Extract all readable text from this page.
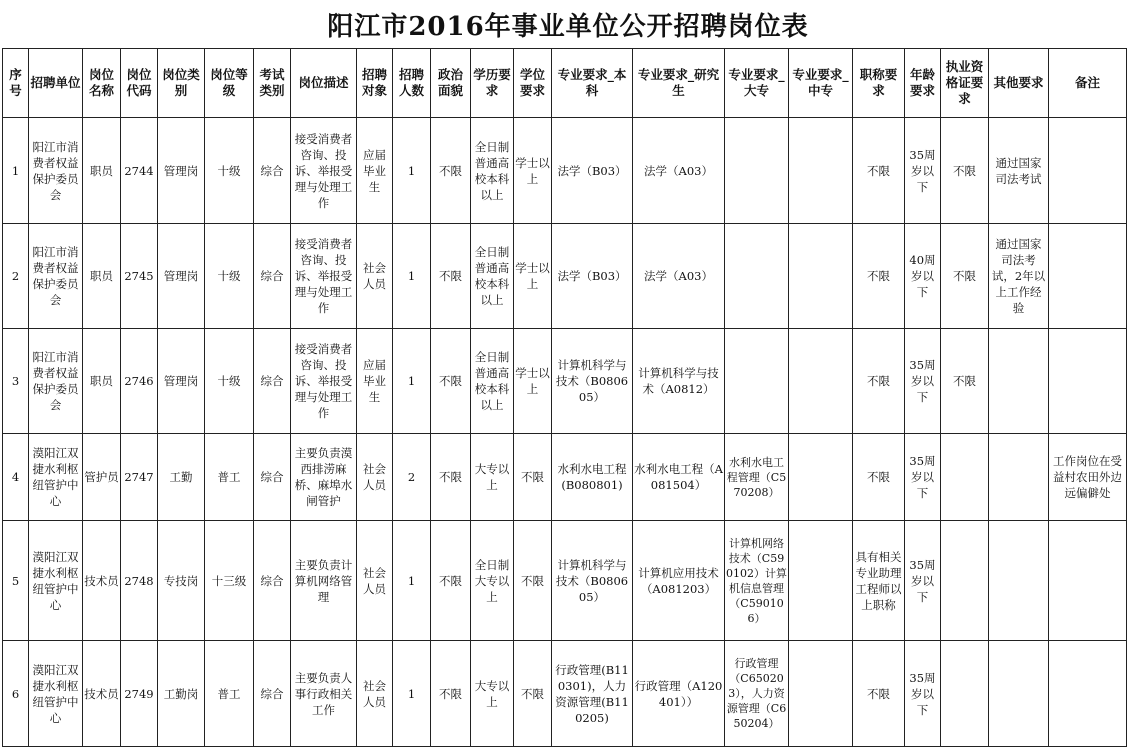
阳江市2016年事业单位公开招聘岗位表
序号	招聘单位	岗位名称	岗位代码	岗位类别	岗位等级	考试类别	岗位描述	招聘对象	招聘人数	政治面貌	学历要求	学位要求	专业要求_本科	专业要求_研究生	专业要求_大专	专业要求_中专	职称要求	年龄要求	执业资格证要求	其他要求	备注
1	阳江市消费者权益保护委员会	职员	2744	管理岗	十级	综合	接受消费者咨询、投诉、举报受理与处理工作	应届毕业生	1	不限	全日制普通高校本科以上	学士以上	法学（B03）	法学（A03）			不限	35周岁以下	不限	通过国家司法考试	
2	阳江市消费者权益保护委员会	职员	2745	管理岗	十级	综合	接受消费者咨询、投诉、举报受理与处理工作	社会人员	1	不限	全日制普通高校本科以上	学士以上	法学（B03）	法学（A03）			不限	40周岁以下	不限	通过国家司法考试，2年以上工作经验	
3	阳江市消费者权益保护委员会	职员	2746	管理岗	十级	综合	接受消费者咨询、投诉、举报受理与处理工作	应届毕业生	1	不限	全日制普通高校本科以上	学士以上	计算机科学与技术（B080605）	计算机科学与技术（A0812）			不限	35周岁以下	不限		
4	漠阳江双捷水利枢纽管护中心	管护员	2747	工勤	普工	综合	主要负责漠西排涝麻桥、麻埠水闸管护	社会人员	2	不限	大专以上	不限	水利水电工程(B080801)	水利水电工程（A081504）	水利水电工程管理（C570208）		不限	35周岁以下			工作岗位在受益村农田外边远偏僻处
5	漠阳江双捷水利枢纽管护中心	技术员	2748	专技岗	十三级	综合	主要负责计算机网络管理	社会人员	1	不限	全日制大专以上	不限	计算机科学与技术（B080605）	计算机应用技术（A081203）	计算机网络技术（C590102）计算机信息管理（C590106）		具有相关专业助理工程师以上职称	35周岁以下			
6	漠阳江双捷水利枢纽管护中心	技术员	2749	工勤岗	普工	综合	主要负责人事行政相关工作	社会人员	1	不限	大专以上	不限	行政管理(B110301)，人力资源管理(B110205)	行政管理（A120401））	行政管理（C650203），人力资源管理（C650204）		不限	35周岁以下			
